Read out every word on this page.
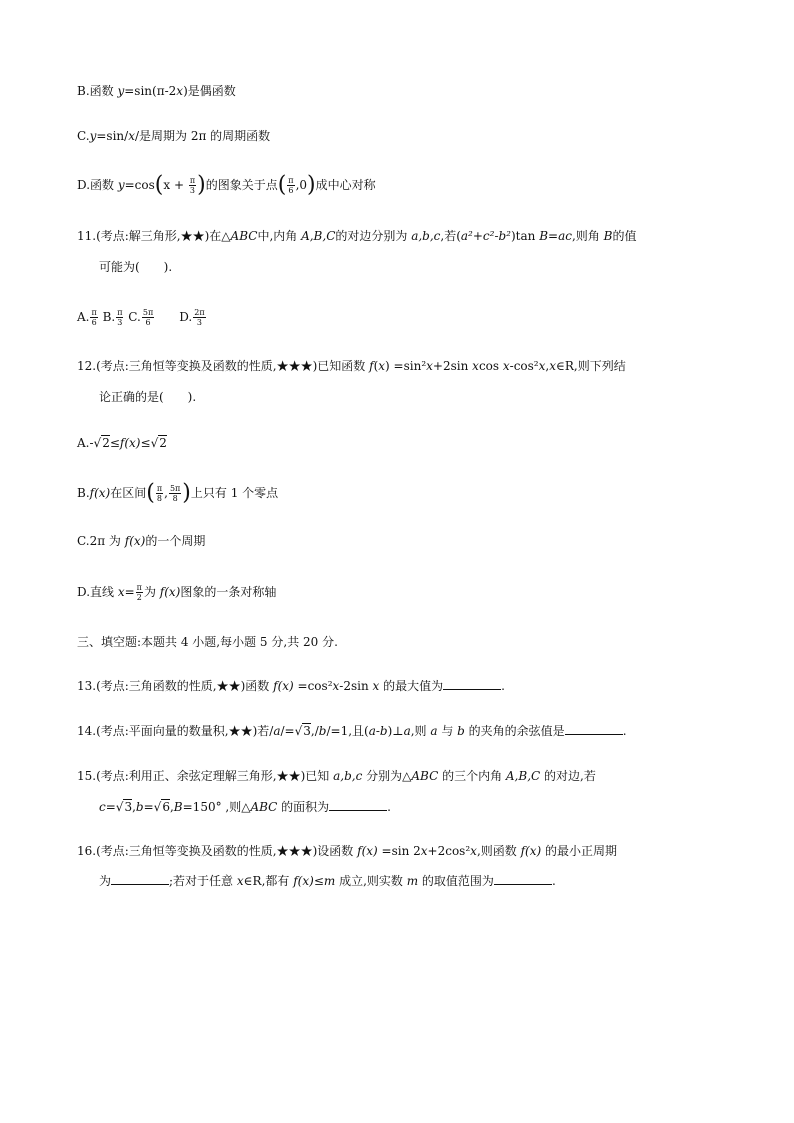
B.函数 y=sin(π-2x)是偶函数
C.y=sin/x/是周期为 2π 的周期函数
D.函数 $y=\cos(x + \frac{\pi}{3}$ )的图象关于点( $\frac{\pi}{6} ,0$)成中心对称
11.(考点:解三角形,★★)在△ABC中,内角 A,B,C的对边分别为 a,b,c,若(a²+c²-b²)tan B=ac,则角 B的值
可能为(　　).
A. $\frac{\pi}{6} B$. $\frac{\pi}{3} C$. $\frac{5\pi}{6}$ 　　D. $\frac{2\pi}{3}$
12.(考点:三角恒等变换及函数的性质,★★★)已知函数 f(x) =sin²x+2sin xcos x-cos²x,x∈R,则下列结
论正确的是(　　).
A.-√2≤f(x)≤√2
B.f(x)在区间( $\frac{\pi}{8}$ , $\frac{5\pi}{8}$ )上只有 1 个零点
C.2π 为 f(x)的一个周期
D.直线 $x= \frac{\pi}{2}$ 为 f(x)图象的一条对称轴
三、填空题:本题共 4 小题,每小题 5 分,共 20 分.
13.(考点:三角函数的性质,★★)函数 f(x) =cos²x-2sin x 的最大值为	.
14.(考点:平面向量的数量积,★★)若/a/=√3,/b/=1,且(a-b)⊥a,则 a 与 b 的夹角的余弦值是	.
15.(考点:利用正、余弦定理解三角形,★★)已知 a,b,c 分别为△ABC 的三个内角 A,B,C 的对边,若
c=√3,b=√6,B=150° ,则△ABC 的面积为	.
16.(考点:三角恒等变换及函数的性质,★★★)设函数 f(x) =sin 2x+2cos²x,则函数 f(x) 的最小正周期
为	;若对于任意 x∈R,都有 f(x)≤m 成立,则实数 m 的取值范围为	.
